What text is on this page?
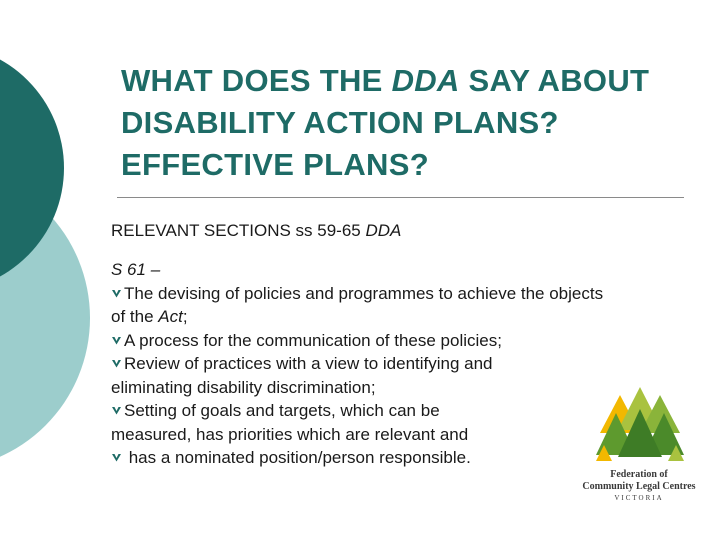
WHAT DOES THE DDA SAY ABOUT DISABILITY ACTION PLANS? EFFECTIVE PLANS?
RELEVANT SECTIONS ss 59-65 DDA
S 61 –
The devising of policies and programmes to achieve the objects
of the Act;
A process for the communication of these policies;
Review of practices with a view to identifying and
eliminating disability discrimination;
Setting of goals and targets, which can be
measured, has priorities which are relevant and
has a nominated position/person responsible.
Federation of
Community Legal Centres
VICTORIA
